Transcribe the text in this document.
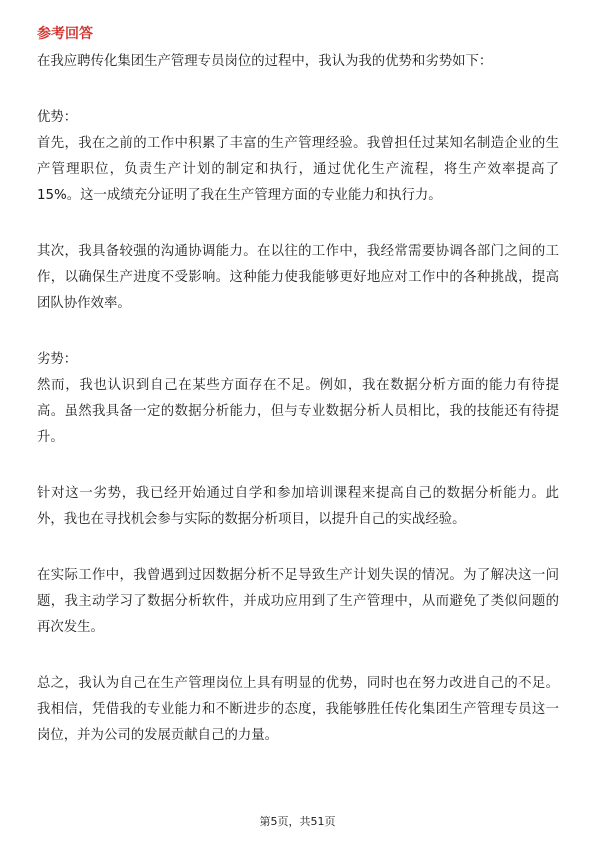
参考回答

在我应聘传化集团生产管理专员岗位的过程中，我认为我的优势和劣势如下：

优势：

首先，我在之前的工作中积累了丰富的生产管理经验。我曾担任过某知名制造企业的生产管理职位，负责生产计划的制定和执行，通过优化生产流程，将生产效率提高了15%。这一成绩充分证明了我在生产管理方面的专业能力和执行力。

其次，我具备较强的沟通协调能力。在以往的工作中，我经常需要协调各部门之间的工作，以确保生产进度不受影响。这种能力使我能够更好地应对工作中的各种挑战，提高团队协作效率。

劣势：

然而，我也认识到自己在某些方面存在不足。例如，我在数据分析方面的能力有待提高。虽然我具备一定的数据分析能力，但与专业数据分析人员相比，我的技能还有待提升。

针对这一劣势，我已经开始通过自学和参加培训课程来提高自己的数据分析能力。此外，我也在寻找机会参与实际的数据分析项目，以提升自己的实战经验。

在实际工作中，我曾遇到过因数据分析不足导致生产计划失误的情况。为了解决这一问题，我主动学习了数据分析软件，并成功应用到了生产管理中，从而避免了类似问题的再次发生。

总之，我认为自己在生产管理岗位上具有明显的优势，同时也在努力改进自己的不足。我相信，凭借我的专业能力和不断进步的态度，我能够胜任传化集团生产管理专员这一岗位，并为公司的发展贡献自己的力量。

第5页，共51页
